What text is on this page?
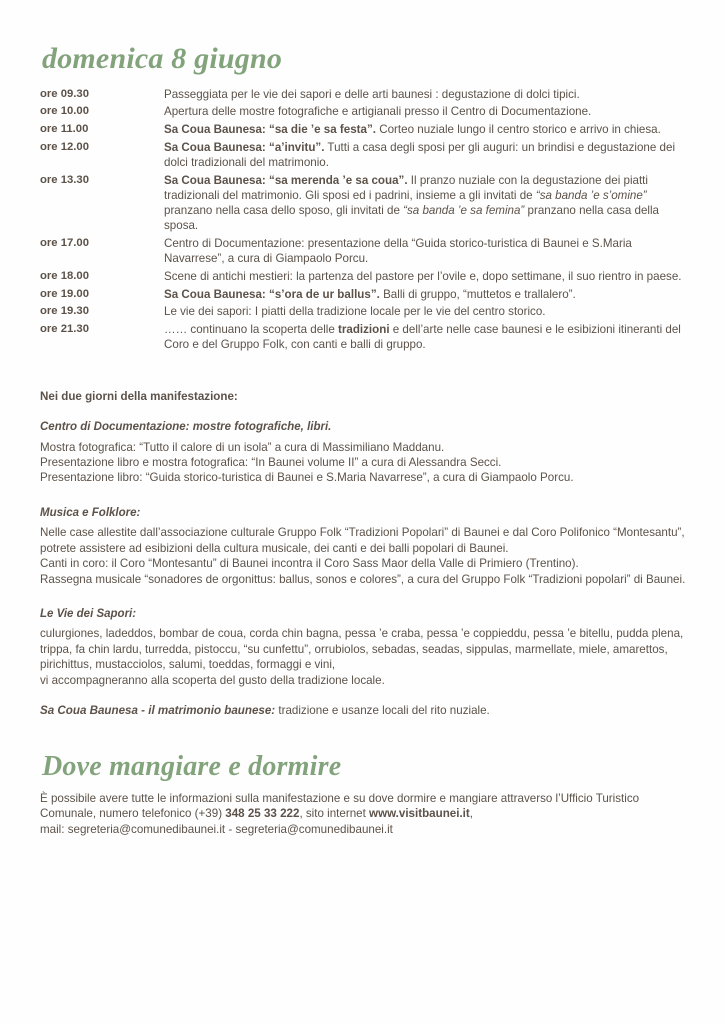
domenica 8 giugno
ore 09.30	Passeggiata per le vie dei sapori e delle arti baunesi : degustazione di dolci tipici.
ore 10.00	Apertura delle mostre fotografiche e artigianali presso il Centro di Documentazione.
ore 11.00	Sa Coua Baunesa: “sa die ’e sa festa”. Corteo nuziale lungo il centro storico e arrivo in chiesa.
ore 12.00	Sa Coua Baunesa: “a’invitu”. Tutti a casa degli sposi per gli auguri: un brindisi e degustazione dei dolci tradizionali del matrimonio.
ore 13.30	Sa Coua Baunesa: “sa merenda ’e sa coua”. Il pranzo nuziale con la degustazione dei piatti tradizionali del matrimonio. Gli sposi ed i padrini, insieme a gli invitati de “sa banda ’e s’omine” pranzano nella casa dello sposo, gli invitati de “sa banda ’e sa femina” pranzano nella casa della sposa.
ore 17.00	Centro di Documentazione: presentazione della “Guida storico-turistica di Baunei e S.Maria Navarrese”, a cura di Giampaolo Porcu.
ore 18.00	Scene di antichi mestieri: la partenza del pastore per l’ovile e, dopo settimane, il suo rientro in paese.
ore 19.00	Sa Coua Baunesa: “s’ora de ur ballus”. Balli di gruppo, “muttetos e trallalero”.
ore 19.30	Le vie dei sapori: I piatti della tradizione locale per le vie del centro storico.
ore 21.30	…… continuano la scoperta delle tradizioni e dell’arte nelle case baunesi e le esibizioni itineranti del Coro e del Gruppo Folk, con canti e balli di gruppo.

Nei due giorni della manifestazione:

Centro di Documentazione: mostre fotografiche, libri.

Mostra fotografica: “Tutto il calore di un isola” a cura di Massimiliano Maddanu.

Presentazione libro e mostra fotografica: “In Baunei volume II” a cura di Alessandra Secci.

Presentazione libro: “Guida storico-turistica di Baunei e S.Maria Navarrese”, a cura di Giampaolo Porcu.

Musica e Folklore:

Nelle case allestite dall’associazione culturale Gruppo Folk “Tradizioni Popolari” di Baunei e dal Coro Polifonico “Montesantu”, potrete assistere ad esibizioni della cultura musicale, dei canti e dei balli popolari di Baunei.

Canti in coro: il Coro “Montesantu” di Baunei incontra il Coro Sass Maor della Valle di Primiero (Trentino).

Rassegna musicale “sonadores de orgonittus: ballus, sonos e colores”, a cura del Gruppo Folk “Tradizioni popolari” di Baunei.

Le Vie dei Sapori:

culurgiones, ladeddos, bombar de coua, corda chin bagna, pessa ’e craba, pessa ’e coppieddu, pessa ’e bitellu, pudda plena, trippa, fa chin lardu, turredda, pistoccu, “su cunfettu”, orrubiolos, sebadas, seadas, sippulas, marmellate, miele, amarettos, pirichittus, mustacciolos, salumi, toeddas, formaggi e vini,

vi accompagneranno alla scoperta del gusto della tradizione locale.

Sa Coua Baunesa - il matrimonio baunese: tradizione e usanze locali del rito nuziale.

Dove mangiare e dormire

È possibile avere tutte le informazioni sulla manifestazione e su dove dormire e mangiare attraverso l’Ufficio Turistico Comunale, numero telefonico (+39) 348 25 33 222, sito internet www.visitbaunei.it,
mail: segreteria@comunedibaunei.it - segreteria@comunedibaunei.it
